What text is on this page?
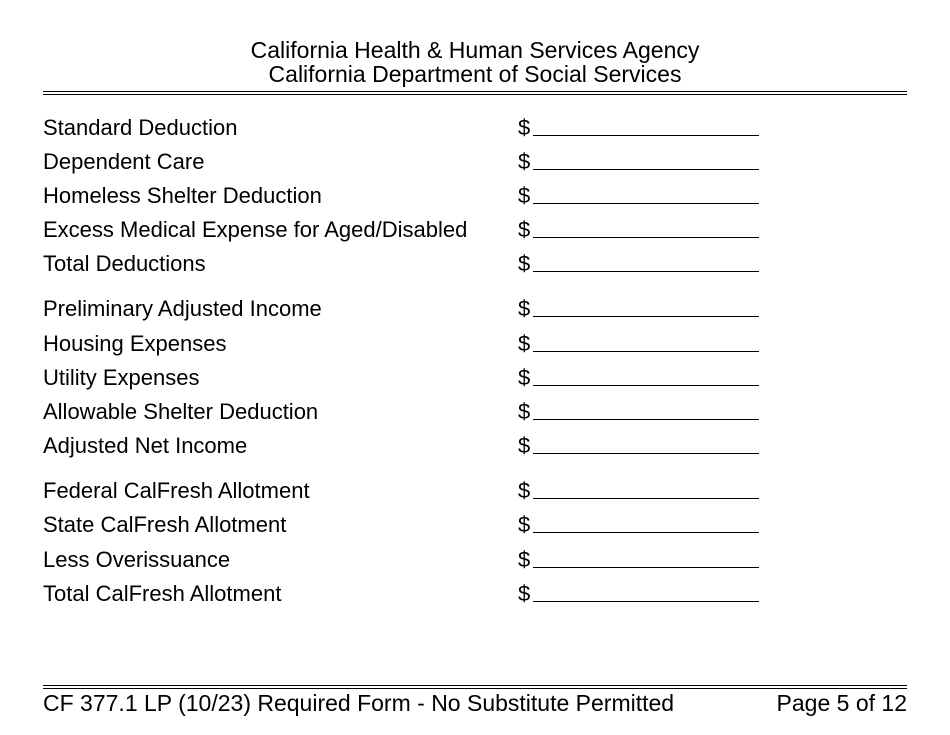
California Health & Human Services Agency
California Department of Social Services
Standard Deduction	$
Dependent Care	$
Homeless Shelter Deduction	$
Excess Medical Expense for Aged/Disabled $
Total Deductions	$
Preliminary Adjusted Income	$
Housing Expenses	$
Utility Expenses	$
Allowable Shelter Deduction	$
Adjusted Net Income	$
Federal CalFresh Allotment	$
State CalFresh Allotment	$
Less Overissuance	$
Total CalFresh Allotment	$
CF 377.1 LP (10/23) Required Form - No Substitute Permitted	Page 5 of 12
